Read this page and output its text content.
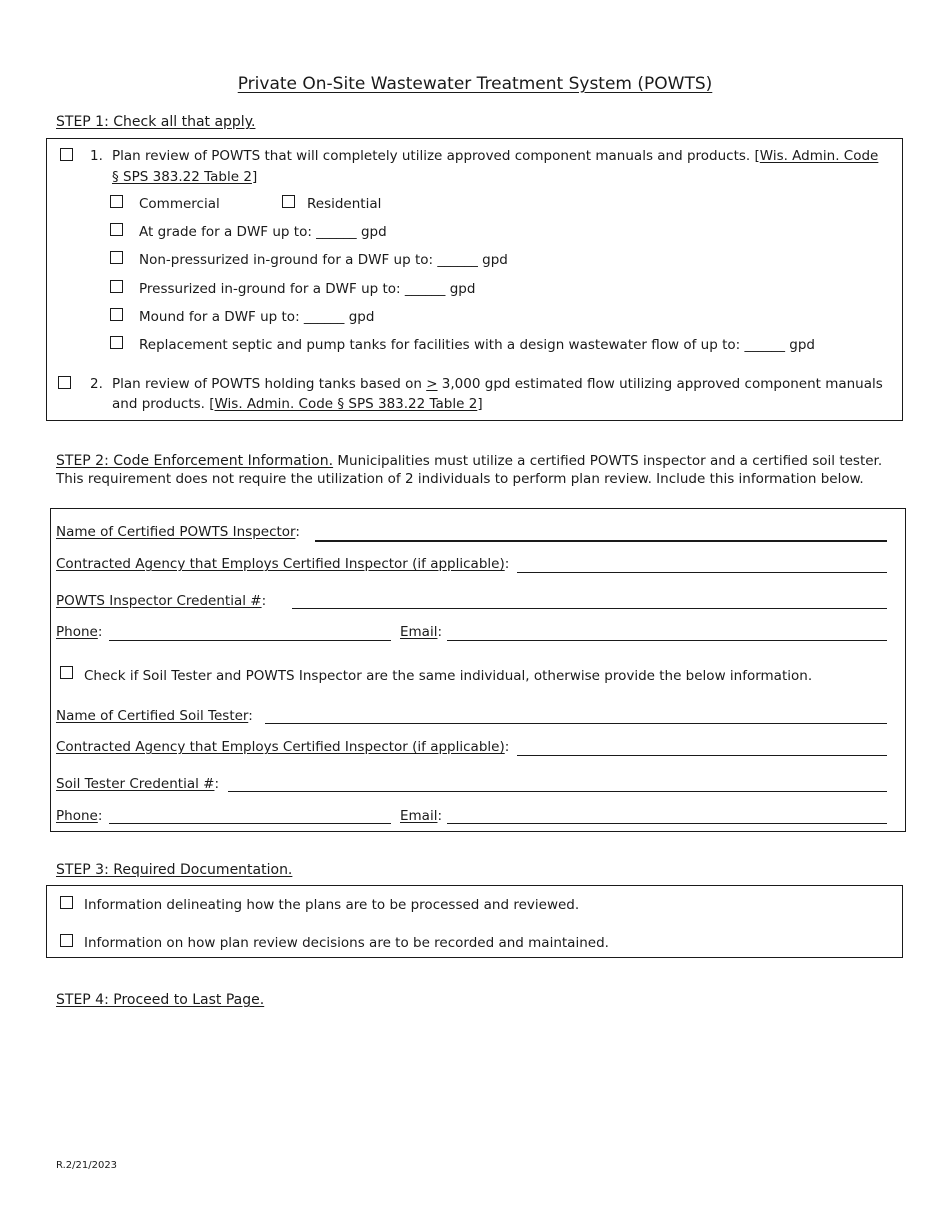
Private On-Site Wastewater Treatment System (POWTS)
STEP 1: Check all that apply.
1. Plan review of POWTS that will completely utilize approved component manuals and products. [Wis. Admin. Code
§ SPS 383.22 Table 2]
Commercial	Residential
At grade for a DWF up to: ______ gpd
Non-pressurized in-ground for a DWF up to: ______ gpd
Pressurized in-ground for a DWF up to: ______ gpd
Mound for a DWF up to: ______ gpd
Replacement septic and pump tanks for facilities with a design wastewater flow of up to: ______ gpd
2. Plan review of POWTS holding tanks based on ≥ 3,000 gpd estimated flow utilizing approved component manuals
and products. [Wis. Admin. Code § SPS 383.22 Table 2]
STEP 2: Code Enforcement Information. Municipalities must utilize a certified POWTS inspector and a certified soil tester. This requirement does not require the utilization of 2 individuals to perform plan review. Include this information below.
Name of Certified POWTS Inspector:
Contracted Agency that Employs Certified Inspector (if applicable):
POWTS Inspector Credential #:
Phone:	Email:
Check if Soil Tester and POWTS Inspector are the same individual, otherwise provide the below information.
Name of Certified Soil Tester:
Contracted Agency that Employs Certified Inspector (if applicable):
Soil Tester Credential #:
Phone:	Email:
STEP 3: Required Documentation.
Information delineating how the plans are to be processed and reviewed.
Information on how plan review decisions are to be recorded and maintained.
STEP 4: Proceed to Last Page.
R.2/21/2023
